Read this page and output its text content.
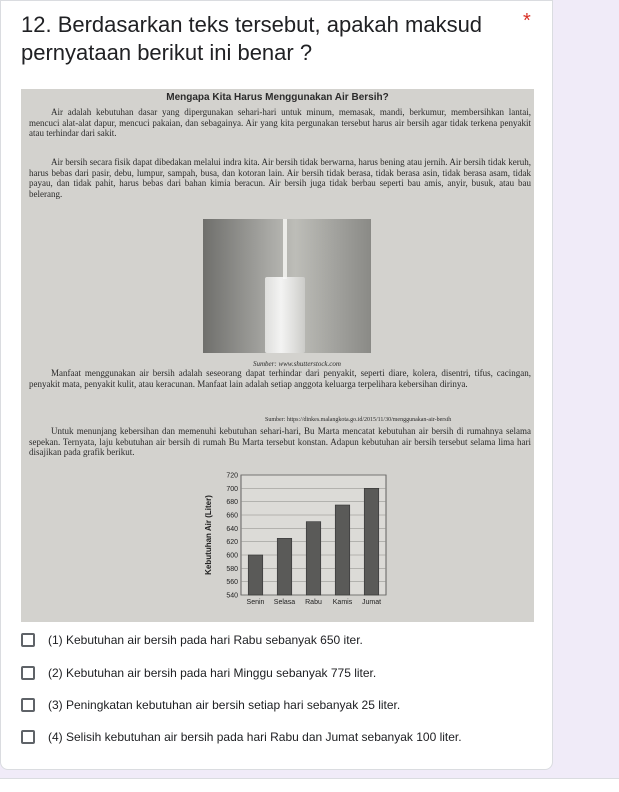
12. Berdasarkan teks tersebut, apakah maksud pernyataan berikut ini benar ?
*
Mengapa Kita Harus Menggunakan Air Bersih?
Air adalah kebutuhan dasar yang dipergunakan sehari-hari untuk minum, memasak, mandi, berkumur, membersihkan lantai, mencuci alat-alat dapur, mencuci pakaian, dan sebagainya. Air yang kita pergunakan tersebut harus air bersih agar tidak terkena penyakit atau terhindar dari sakit.
Air bersih secara fisik dapat dibedakan melalui indra kita. Air bersih tidak berwarna, harus bening atau jernih. Air bersih tidak keruh, harus bebas dari pasir, debu, lumpur, sampah, busa, dan kotoran lain. Air bersih tidak berasa, tidak berasa asin, tidak berasa asam, tidak payau, dan tidak pahit, harus bebas dari bahan kimia beracun. Air bersih juga tidak berbau seperti bau amis, anyir, busuk, atau bau belerang.
Sumber: www.shutterstock.com
Manfaat menggunakan air bersih adalah seseorang dapat terhindar dari penyakit, seperti diare, kolera, disentri, tifus, cacingan, penyakit mata, penyakit kulit, atau keracunan. Manfaat lain adalah setiap anggota keluarga terpelihara kebersihan dirinya.
Sumber: https://dinkes.malangkota.go.id/2015/11/30/menggunakan-air-bersih
Untuk menunjang kebersihan dan memenuhi kebutuhan sehari-hari, Bu Marta mencatat kebutuhan air bersih di rumahnya selama sepekan. Ternyata, laju kebutuhan air bersih di rumah Bu Marta tersebut konstan. Adapun kebutuhan air bersih tersebut selama lima hari disajikan pada grafik berikut.
540
560
580
600
620
640
660
680
700
720
Senin Selasa Rabu Kamis Jumat
Kebutuhan Air (Liter)
(1) Kebutuhan air bersih pada hari Rabu sebanyak 650 iter.
(2) Kebutuhan air bersih pada hari Minggu sebanyak 775 liter.
(3) Peningkatan kebutuhan air bersih setiap hari sebanyak 25 liter.
(4) Selisih kebutuhan air bersih pada hari Rabu dan Jumat sebanyak 100 liter.
